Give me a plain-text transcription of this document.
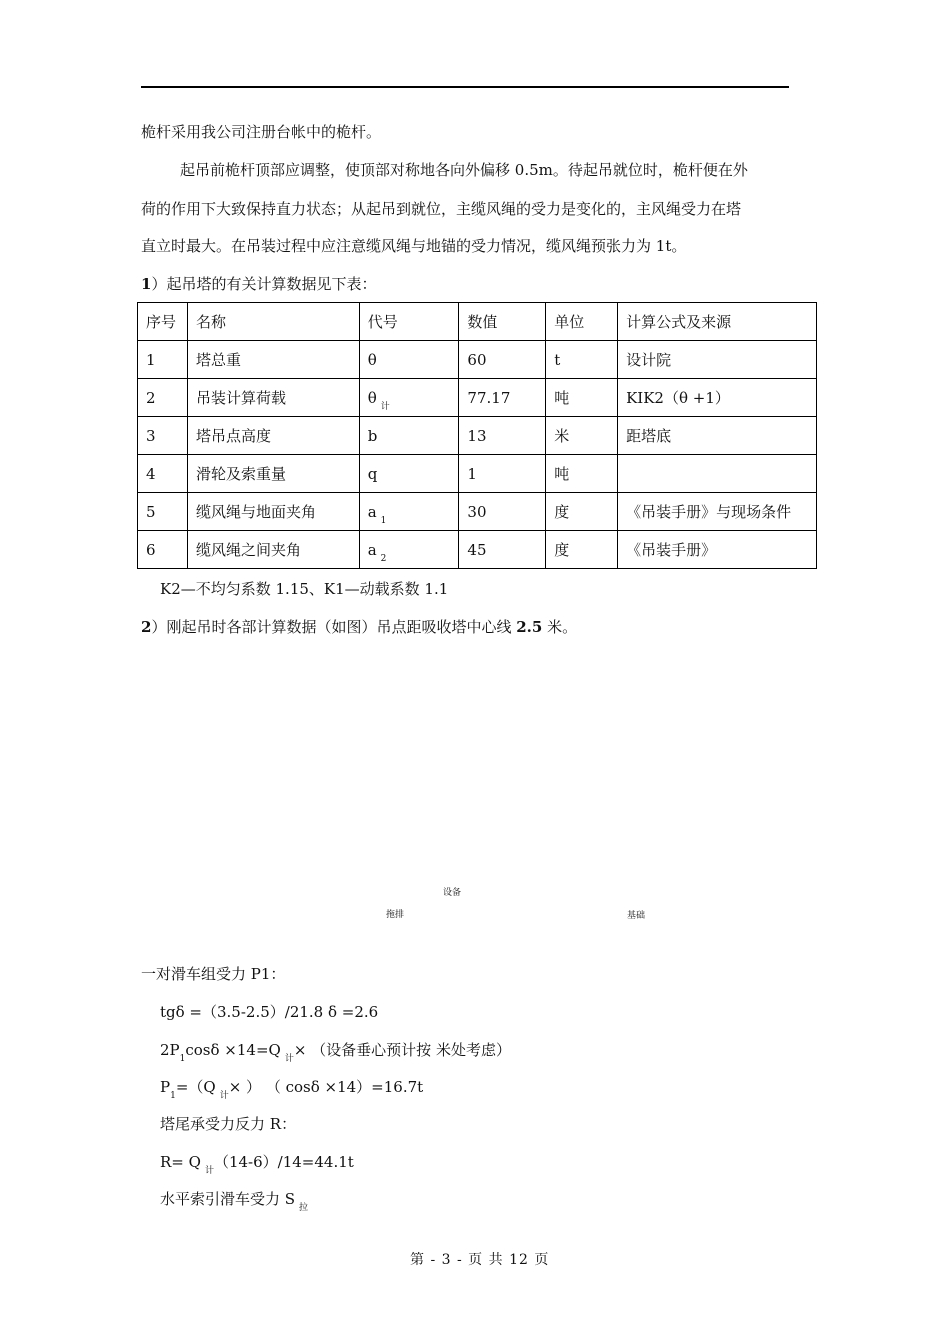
桅杆采用我公司注册台帐中的桅杆。
起吊前桅杆顶部应调整，使顶部对称地各向外偏移 0.5m。待起吊就位时，桅杆便在外
荷的作用下大致保持直力状态；从起吊到就位，主缆风绳的受力是变化的，主风绳受力在塔
直立时最大。在吊装过程中应注意缆风绳与地锚的受力情况，缆风绳预张力为 1t。
1）起吊塔的有关计算数据见下表：
序号	名称	代号	数值	单位	计算公式及来源
1	塔总重	θ	60	t	设计院
2	吊装计算荷载	θ $_计$	77.17	吨	KIK2（θ +1）
3	塔吊点高度	b	13	米	距塔底
4	滑轮及索重量	q	1	吨	
5	缆风绳与地面夹角	a $_1$	30	度	《吊装手册》与现场条件
6	缆风绳之间夹角	a $_2$	45	度	《吊装手册》
K2—不均匀系数 1.15、K1—动载系数 1.1
2）刚起吊时各部计算数据（如图）吊点距吸收塔中心线 2.5 米。
设备
拖排	基础
一对滑车组受力 P1：
tgδ =（3.5-2.5）/21.8 δ =2.6
$2P_1\cos\delta \times 14=Q$ $_计$× （设备垂心预计按 米处考虑）
$P_1=(Q$ $_计$× ） （ cosδ ×14）=16.7t
塔尾承受力反力 R：
R= Q $_计$（14-6）/14=44.1t
水平索引滑车受力 S $_拉$
第 - 3 - 页 共 12 页
